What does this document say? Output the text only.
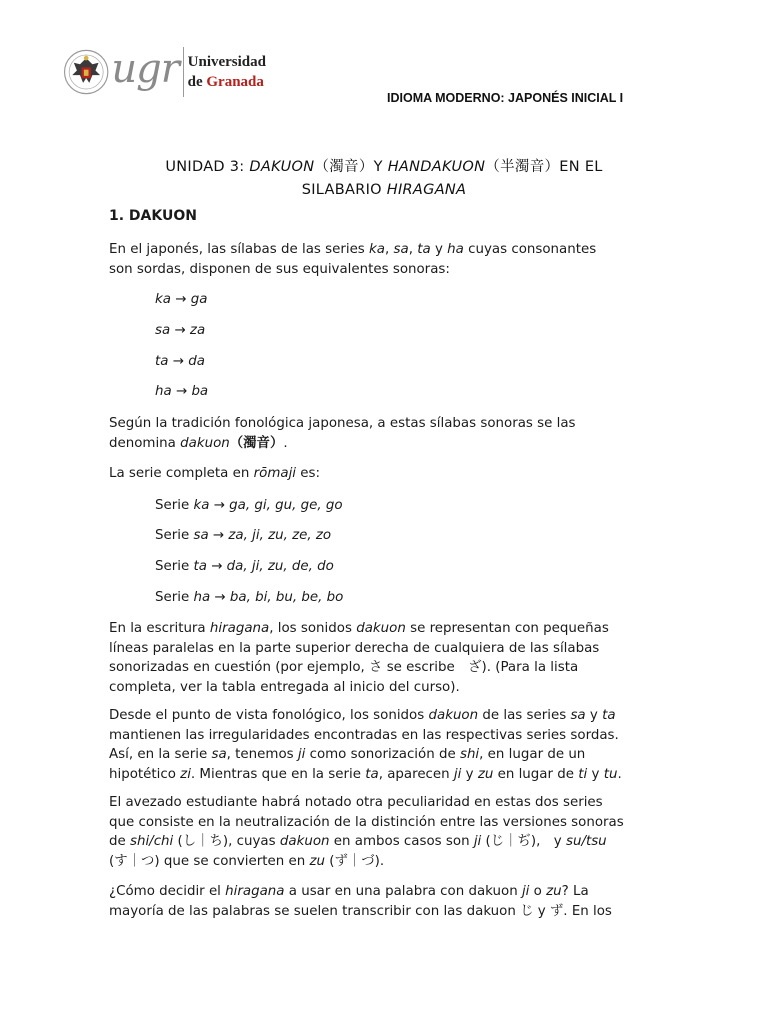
ugr Universidad
de Granada
IDIOMA MODERNO: JAPONÉS INICIAL I
UNIDAD 3: DAKUON（濁音）Y HANDAKUON（半濁音）EN EL
SILABARIO HIRAGANA
1. DAKUON

En el japonés, las sílabas de las series ka, sa, ta y ha cuyas consonantes
son sordas, disponen de sus equivalentes sonoras:

ka → ga
sa → za
ta → da
ha → ba

Según la tradición fonológica japonesa, a estas sílabas sonoras se las
denomina dakuon（濁音）.

La serie completa en rōmaji es:

Serie ka → ga, gi, gu, ge, go
Serie sa → za, ji, zu, ze, zo
Serie ta → da, ji, zu, de, do
Serie ha → ba, bi, bu, be, bo

En la escritura hiragana, los sonidos dakuon se representan con pequeñas
líneas paralelas en la parte superior derecha de cualquiera de las sílabas
sonorizadas en cuestión (por ejemplo, さ se escribe　ざ). (Para la lista
completa, ver la tabla entregada al inicio del curso).

Desde el punto de vista fonológico, los sonidos dakuon de las series sa y ta
mantienen las irregularidades encontradas en las respectivas series sordas.
Así, en la serie sa, tenemos ji como sonorización de shi, en lugar de un
hipotético zi. Mientras que en la serie ta, aparecen ji y zu en lugar de ti y tu.

El avezado estudiante habrá notado otra peculiaridad en estas dos series
que consiste en la neutralización de la distinción entre las versiones sonoras
de shi/chi (し｜ち), cuyas dakuon en ambos casos son ji (じ｜ぢ),　y su/tsu
(す｜つ) que se convierten en zu (ず｜づ).

¿Cómo decidir el hiragana a usar en una palabra con dakuon ji o zu? La
mayoría de las palabras se suelen transcribir con las dakuon じ y ず. En los
